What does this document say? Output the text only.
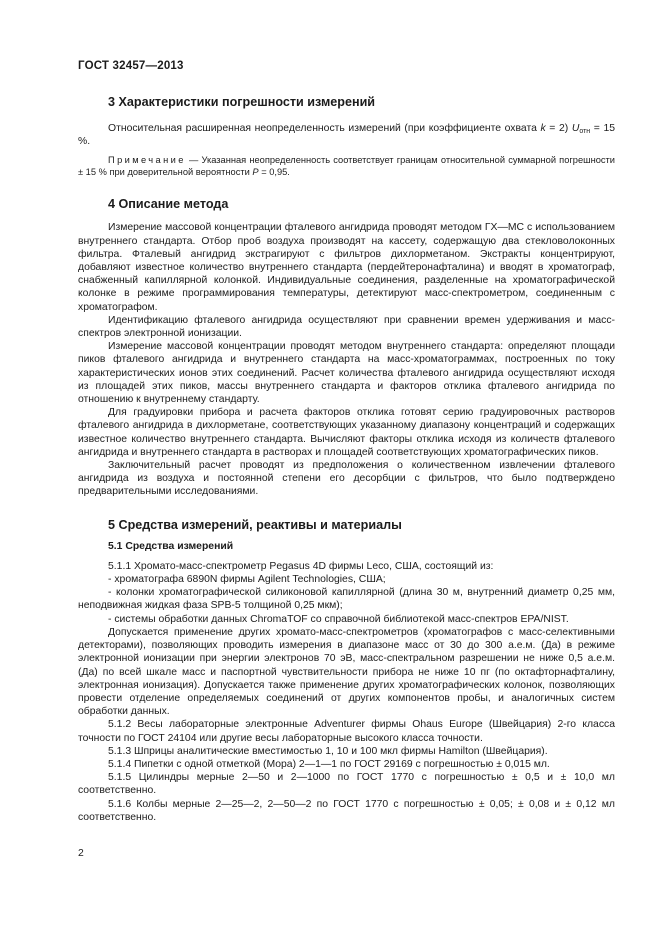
ГОСТ 32457—2013
3 Характеристики погрешности измерений

Относительная расширенная неопределенность измерений (при коэффициенте охвата k = 2) $U_{отн} = 15$ %.

Примечание — Указанная неопределенность соответствует границам относительной суммарной погрешности ± 15 % при доверительной вероятности P = 0,95.

4 Описание метода

Измерение массовой концентрации фталевого ангидрида проводят методом ГХ—МС с использованием внутреннего стандарта. Отбор проб воздуха производят на кассету, содержащую два стекловолоконных фильтра. Фталевый ангидрид экстрагируют с фильтров дихлорметаном. Экстракты концентрируют, добавляют известное количество внутреннего стандарта (пердейтеронафталина) и вводят в хроматограф, снабженный капиллярной колонкой. Индивидуальные соединения, разделенные на хроматографической колонке в режиме программирования температуры, детектируют масс-спектрометром, соединенным с хроматографом.

Идентификацию фталевого ангидрида осуществляют при сравнении времен удерживания и масс-спектров электронной ионизации.

Измерение массовой концентрации проводят методом внутреннего стандарта: определяют площади пиков фталевого ангидрида и внутреннего стандарта на масс-хроматограммах, построенных по току характеристических ионов этих соединений. Расчет количества фталевого ангидрида осуществляют исходя из площадей этих пиков, массы внутреннего стандарта и факторов отклика фталевого ангидрида по отношению к внутреннему стандарту.

Для градуировки прибора и расчета факторов отклика готовят серию градуировочных растворов фталевого ангидрида в дихлорметане, соответствующих указанному диапазону концентраций и содержащих известное количество внутреннего стандарта. Вычисляют факторы отклика исходя из количеств фталевого ангидрида и внутреннего стандарта в растворах и площадей соответствующих хроматографических пиков.

Заключительный расчет проводят из предположения о количественном извлечении фталевого ангидрида из воздуха и постоянной степени его десорбции с фильтров, что было подтверждено предварительными исследованиями.

5 Средства измерений, реактивы и материалы
5.1 Средства измерений

5.1.1 Хромато-масс-спектрометр Pegasus 4D фирмы Leco, США, состоящий из:

- хроматографа 6890N фирмы Agilent Technologies, США;

- колонки хроматографической силиконовой капиллярной (длина 30 м, внутренний диаметр 0,25 мм, неподвижная жидкая фаза SPB-5 толщиной 0,25 мкм);

- системы обработки данных ChromaTOF со справочной библиотекой масс-спектров EPA/NIST.

Допускается применение других хромато-масс-спектрометров (хроматографов с масс-селективными детекторами), позволяющих проводить измерения в диапазоне масс от 30 до 300 а.е.м. (Да) в режиме электронной ионизации при энергии электронов 70 эВ, масс-спектральном разрешении не ниже 0,5 а.е.м. (Да) по всей шкале масс и паспортной чувствительности прибора не ниже 10 пг (по октафторнафталину, электронная ионизация). Допускается также применение других хроматографических колонок, позволяющих провести отделение определяемых соединений от других компонентов пробы, и аналогичных систем обработки данных.

5.1.2 Весы лабораторные электронные Adventurer фирмы Ohaus Europe (Швейцария) 2-го класса точности по ГОСТ 24104 или другие весы лабораторные высокого класса точности.

5.1.3 Шприцы аналитические вместимостью 1, 10 и 100 мкл фирмы Hamilton (Швейцария).

5.1.4 Пипетки с одной отметкой (Мора) 2—1—1 по ГОСТ 29169 с погрешностью ± 0,015 мл.

5.1.5 Цилиндры мерные 2—50 и 2—1000 по ГОСТ 1770 с погрешностью ± 0,5 и ± 10,0 мл соответственно.

5.1.6 Колбы мерные 2—25—2, 2—50—2 по ГОСТ 1770 с погрешностью ± 0,05; ± 0,08 и ± 0,12 мл соответственно.

2
